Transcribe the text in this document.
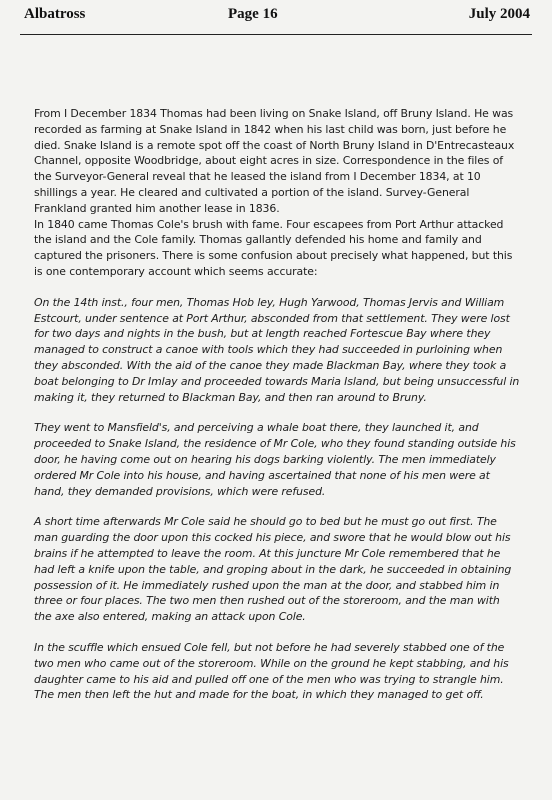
Albatross	Page 16	July 2004

From I December 1834 Thomas had been living on Snake Island, off Bruny Island. He was recorded as farming at Snake Island in 1842 when his last child was born, just before he died. Snake Island is a remote spot off the coast of North Bruny Island in D'Entrecasteaux Channel, opposite Woodbridge, about eight acres in size. Correspondence in the files of the Surveyor-General reveal that he leased the island from I December 1834, at 10 shillings a year. He cleared and cultivated a portion of the island. Survey-General Frankland granted him another lease in 1836.

In 1840 came Thomas Cole's brush with fame. Four escapees from Port Arthur attacked the island and the Cole family. Thomas gallantly defended his home and family and captured the prisoners. There is some confusion about precisely what happened, but this is one contemporary account which seems accurate:

On the 14th inst., four men, Thomas Hob ley, Hugh Yarwood, Thomas Jervis and William Estcourt, under sentence at Port Arthur, absconded from that settlement. They were lost for two days and nights in the bush, but at length reached Fortescue Bay where they managed to construct a canoe with tools which they had succeeded in purloining when they absconded. With the aid of the canoe they made Blackman Bay, where they took a boat belonging to Dr Imlay and proceeded towards Maria Island, but being unsuccessful in making it, they returned to Blackman Bay, and then ran around to Bruny.

They went to Mansfield's, and perceiving a whale boat there, they launched it, and proceeded to Snake Island, the residence of Mr Cole, who they found standing outside his door, he having come out on hearing his dogs barking violently. The men immediately ordered Mr Cole into his house, and having ascertained that none of his men were at hand, they demanded provisions, which were refused.

A short time afterwards Mr Cole said he should go to bed but he must go out first. The man guarding the door upon this cocked his piece, and swore that he would blow out his brains if he attempted to leave the room. At this juncture Mr Cole remembered that he had left a knife upon the table, and groping about in the dark, he succeeded in obtaining possession of it. He immediately rushed upon the man at the door, and stabbed him in three or four places. The two men then rushed out of the storeroom, and the man with the axe also entered, making an attack upon Cole.

In the scuffle which ensued Cole fell, but not before he had severely stabbed one of the two men who came out of the storeroom. While on the ground he kept stabbing, and his daughter came to his aid and pulled off one of the men who was trying to strangle him.

The men then left the hut and made for the boat, in which they managed to get off.
